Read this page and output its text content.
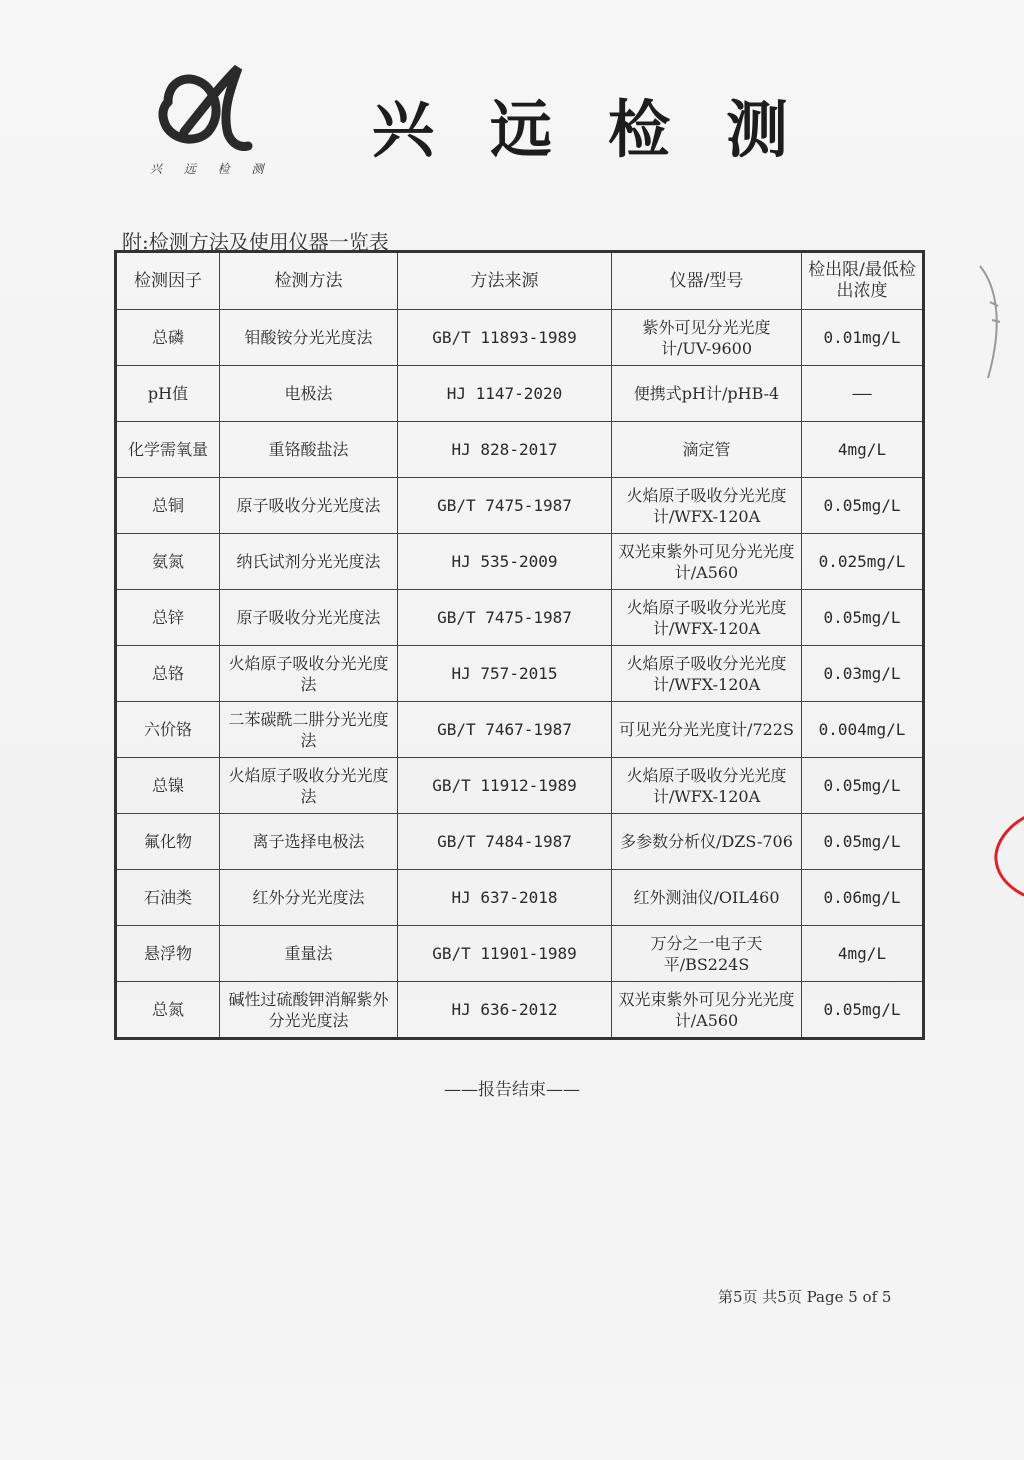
兴 远 检 测
兴远检测
附:检测方法及使用仪器一览表
检测因子	检测方法	方法来源	仪器/型号	检出限/最低检出浓度
总磷	钼酸铵分光光度法	GB/T 11893-1989	紫外可见分光光度计/UV-9600	0.01mg/L
pH值	电极法	HJ 1147-2020	便携式pH计/pHB-4	——
化学需氧量	重铬酸盐法	HJ 828-2017	滴定管	4mg/L
总铜	原子吸收分光光度法	GB/T 7475-1987	火焰原子吸收分光光度计/WFX-120A	0.05mg/L
氨氮	纳氏试剂分光光度法	HJ 535-2009	双光束紫外可见分光光度计/A560	0.025mg/L
总锌	原子吸收分光光度法	GB/T 7475-1987	火焰原子吸收分光光度计/WFX-120A	0.05mg/L
总铬	火焰原子吸收分光光度法	HJ 757-2015	火焰原子吸收分光光度计/WFX-120A	0.03mg/L
六价铬	二苯碳酰二肼分光光度法	GB/T 7467-1987	可见光分光光度计/722S	0.004mg/L
总镍	火焰原子吸收分光光度法	GB/T 11912-1989	火焰原子吸收分光光度计/WFX-120A	0.05mg/L
氟化物	离子选择电极法	GB/T 7484-1987	多参数分析仪/DZS-706	0.05mg/L
石油类	红外分光光度法	HJ 637-2018	红外测油仪/OIL460	0.06mg/L
悬浮物	重量法	GB/T 11901-1989	万分之一电子天平/BS224S	4mg/L
总氮	碱性过硫酸钾消解紫外分光光度法	HJ 636-2012	双光束紫外可见分光光度计/A560	0.05mg/L
——报告结束——
第5页 共5页 Page 5 of 5
